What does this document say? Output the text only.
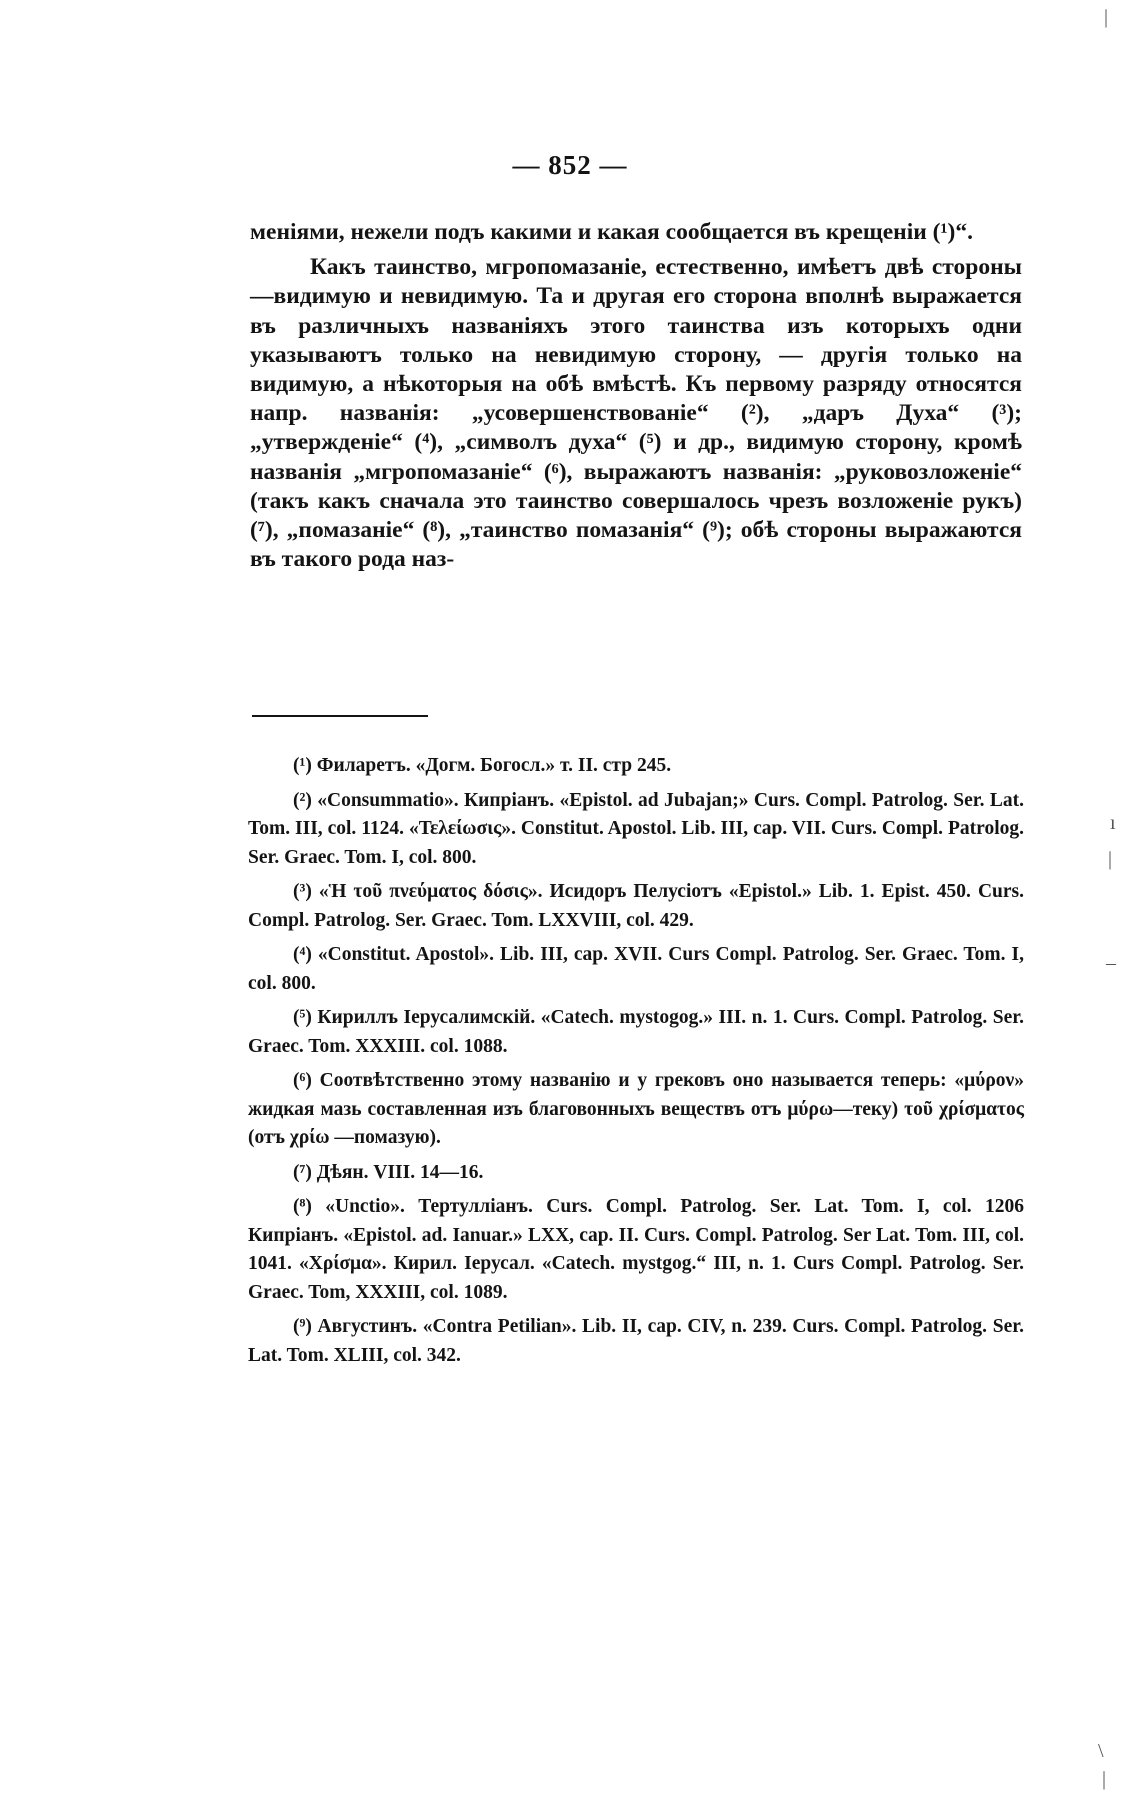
— 852 —

меніями, нежели подъ какими и какая сообщается въ крещеніи (¹)“.

Какъ таинство, мгропомазаніе, естественно, имѣетъ двѣ стороны—видимую и невидимую. Та и другая его сторона вполнѣ выражается въ различныхъ названіяхъ этого таинства изъ которыхъ одни указываютъ только на невидимую сторону, — другія только на видимую, а нѣкоторыя на обѣ вмѣстѣ. Къ первому разряду относятся напр. названія: „усовершенствованіе“ (²), „даръ Духа“ (³); „утвержденіе“ (⁴), „символъ духа“ (⁵) и др., видимую сторону, кромѣ названія „мгропомазаніе“ (⁶), выражаютъ названія: „руковозложеніе“ (такъ какъ сначала это таинство совершалось чрезъ возложеніе рукъ) (⁷), „помазаніе“ (⁸), „таинство помазанія“ (⁹); обѣ стороны выражаются въ такого рода наз-

(¹) Филаретъ. «Догм. Богосл.» т. II. стр 245.

(²) «Consummatio». Кипріанъ. «Epistol. ad Jubajan;» Curs. Compl. Patrolog. Ser. Lat. Tom. III, col. 1124. «Τελείωσις». Constitut. Apostol. Lib. III, cap. VII. Curs. Compl. Patrolog. Ser. Graec. Tom. I, col. 800.

(³) «Ἡ τοῦ πνεύματος δόσις». Исидоръ Пелусіотъ «Epistol.» Lib. 1. Epist. 450. Curs. Compl. Patrolog. Ser. Graec. Tom. LXXVIII, col. 429.

(⁴) «Constitut. Apostol». Lib. III, cap. XVII. Curs Compl. Patrolog. Ser. Graec. Tom. I, col. 800.

(⁵) Кириллъ Іерусалимскій. «Catech. mystogog.» III. n. 1. Curs. Compl. Patrolog. Ser. Graec. Tom. XXXIII. col. 1088.

(⁶) Соотвѣтственно этому названію и у грековъ оно называется теперь: «μύρον» жидкая мазь составленная изъ благовонныхъ веществъ отъ μύρω—теку) τοῦ χρίσματος (отъ χρίω —помазую).

(⁷) Дѣян. VIII. 14—16.

(⁸) «Unctio». Тертулліанъ. Curs. Compl. Patrolog. Ser. Lat. Tom. I, col. 1206 Кипріанъ. «Epistol. ad. Ianuar.» LXX, cap. II. Curs. Compl. Patrolog. Ser Lat. Tom. III, col. 1041. «Χρίσμα». Кирил. Іерусал. «Catech. mystgog.“ III, n. 1. Curs Compl. Patrolog. Ser. Graec. Tom, XXXIII, col. 1089.

(⁹) Августинъ. «Contra Petilian». Lib. II, cap. CIV, n. 239. Curs. Compl. Patrolog. Ser. Lat. Tom. XLIII, col. 342.

|
ı
|
–
\
|
